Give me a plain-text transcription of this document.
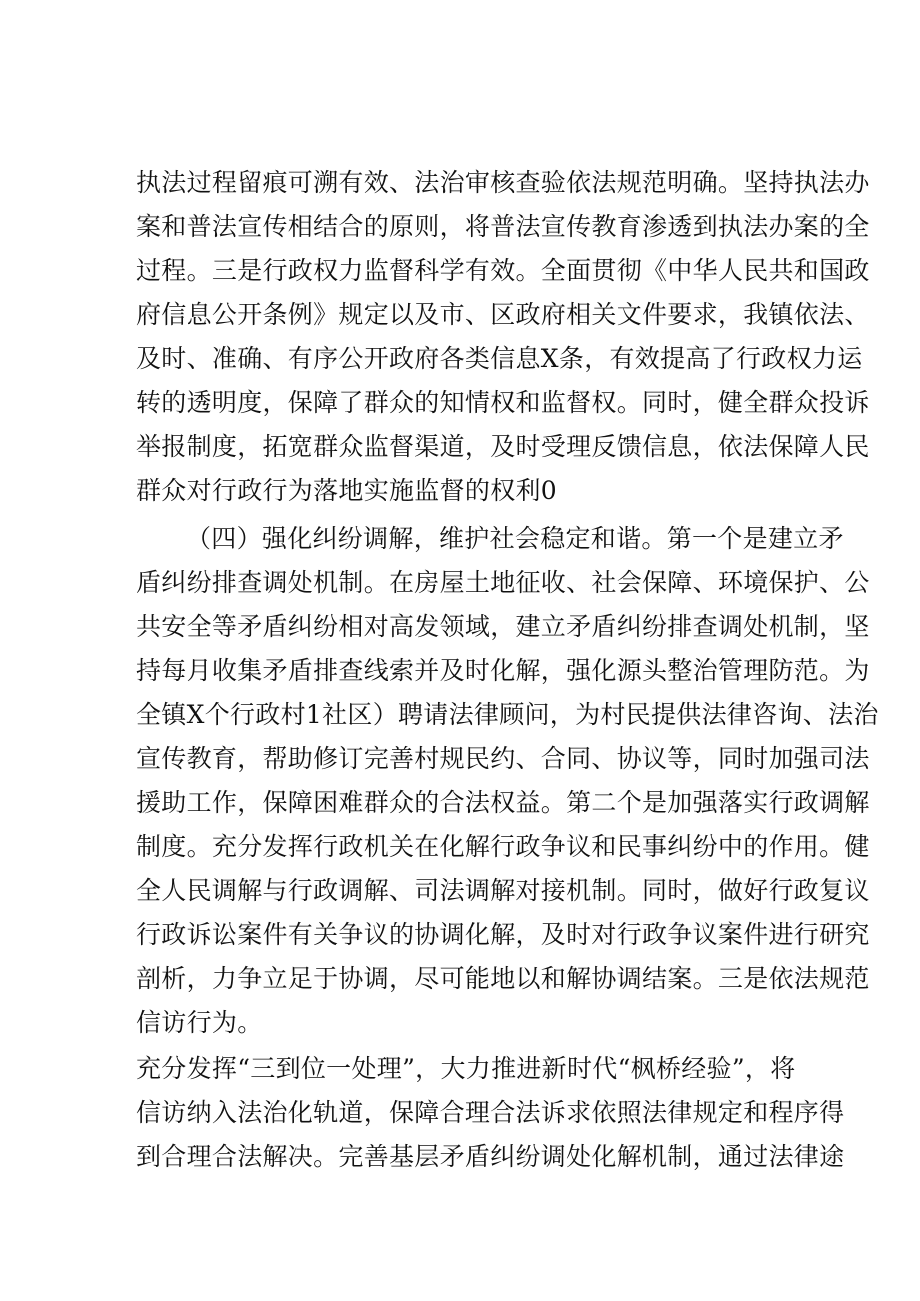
执法过程留痕可溯有效、法治审核查验依法规范明确。坚持执法办
案和普法宣传相结合的原则，将普法宣传教育渗透到执法办案的全
过程。三是行政权力监督科学有效。全面贯彻《中华人民共和国政
府信息公开条例》规定以及市、区政府相关文件要求，我镇依法、
及时、准确、有序公开政府各类信息X条，有效提高了行政权力运
转的透明度，保障了群众的知情权和监督权。同时，健全群众投诉
举报制度，拓宽群众监督渠道，及时受理反馈信息，依法保障人民
群众对行政行为落地实施监督的权利0
（四）强化纠纷调解，维护社会稳定和谐。第一个是建立矛
盾纠纷排查调处机制。在房屋土地征收、社会保障、环境保护、公
共安全等矛盾纠纷相对高发领域，建立矛盾纠纷排查调处机制，坚
持每月收集矛盾排查线索并及时化解，强化源头整治管理防范。为
全镇X个行政村1社区）聘请法律顾问，为村民提供法律咨询、法治
宣传教育，帮助修订完善村规民约、合同、协议等，同时加强司法
援助工作，保障困难群众的合法权益。第二个是加强落实行政调解
制度。充分发挥行政机关在化解行政争议和民事纠纷中的作用。健
全人民调解与行政调解、司法调解对接机制。同时，做好行政复议
行政诉讼案件有关争议的协调化解，及时对行政争议案件进行研究
剖析，力争立足于协调，尽可能地以和解协调结案。三是依法规范
信访行为。
充分发挥“三到位一处理”，大力推进新时代“枫桥经验”，将
信访纳入法治化轨道，保障合理合法诉求依照法律规定和程序得
到合理合法解决。完善基层矛盾纠纷调处化解机制，通过法律途
